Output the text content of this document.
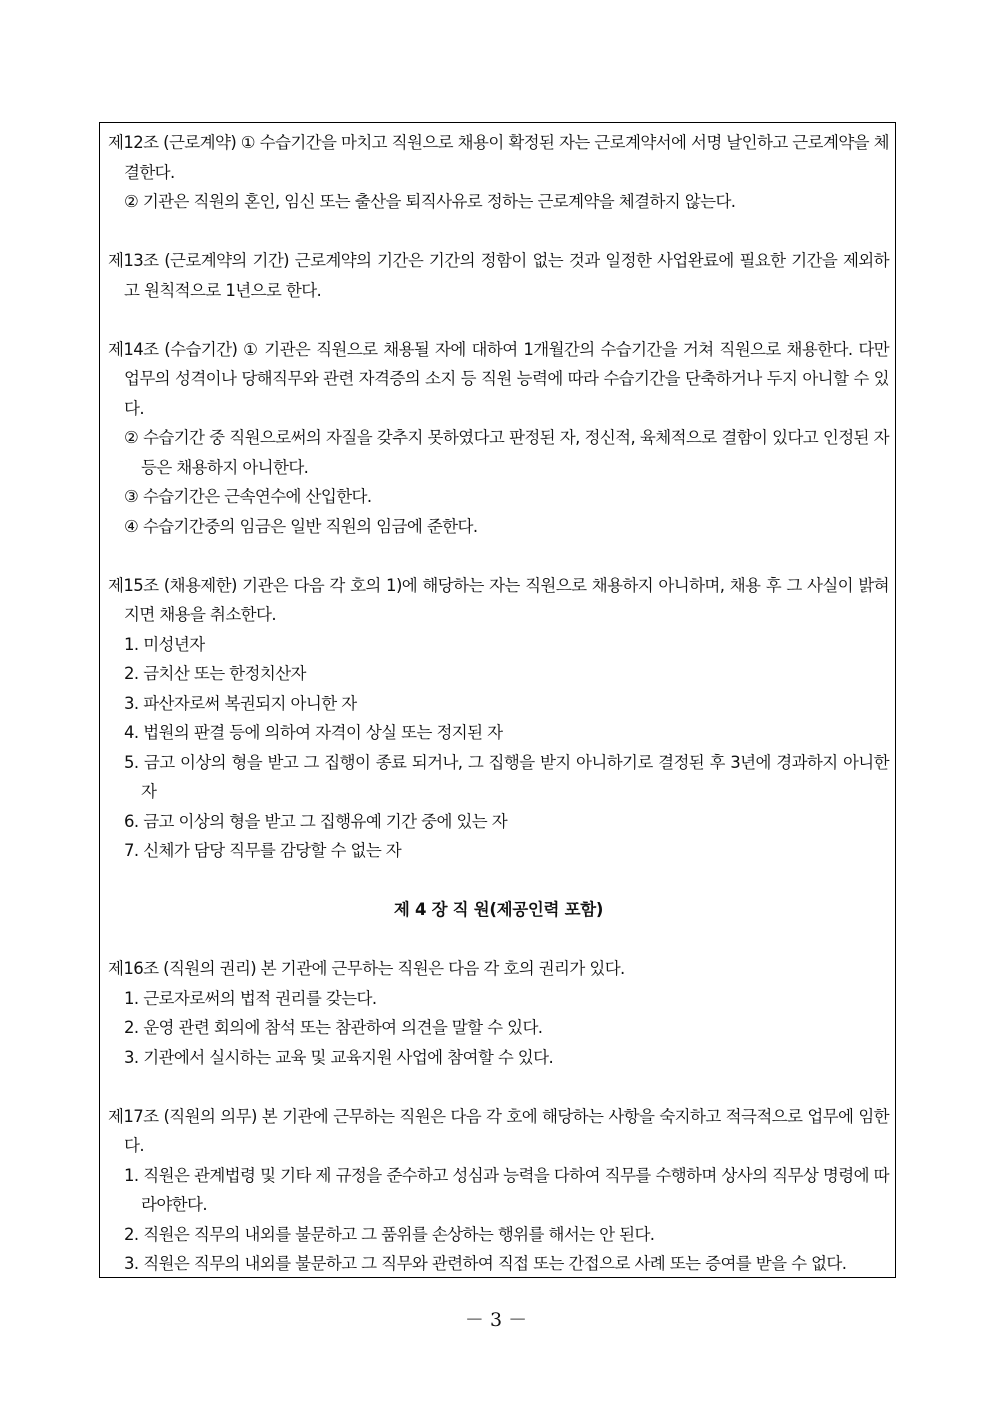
제12조 (근로계약) ① 수습기간을 마치고 직원으로 채용이 확정된 자는 근로계약서에 서명 날인하고 근로계약을 체결한다.
② 기관은 직원의 혼인, 임신 또는 출산을 퇴직사유로 정하는 근로계약을 체결하지 않는다.
제13조 (근로계약의 기간) 근로계약의 기간은 기간의 정함이 없는 것과 일정한 사업완료에 필요한 기간을 제외하고 원칙적으로 1년으로 한다.
제14조 (수습기간) ① 기관은 직원으로 채용될 자에 대하여 1개월간의 수습기간을 거쳐 직원으로 채용한다. 다만 업무의 성격이나 당해직무와 관련 자격증의 소지 등 직원 능력에 따라 수습기간을 단축하거나 두지 아니할 수 있다.
② 수습기간 중 직원으로써의 자질을 갖추지 못하였다고 판정된 자, 정신적, 육체적으로 결함이 있다고 인정된 자 등은 채용하지 아니한다.
③ 수습기간은 근속연수에 산입한다.
④ 수습기간중의 임금은 일반 직원의 임금에 준한다.
제15조 (채용제한) 기관은 다음 각 호의 1)에 해당하는 자는 직원으로 채용하지 아니하며, 채용 후 그 사실이 밝혀지면 채용을 취소한다.
1. 미성년자
2. 금치산 또는 한정치산자
3. 파산자로써 복권되지 아니한 자
4. 법원의 판결 등에 의하여 자격이 상실 또는 정지된 자
5. 금고 이상의 형을 받고 그 집행이 종료 되거나, 그 집행을 받지 아니하기로 결정된 후 3년에 경과하지 아니한 자
6. 금고 이상의 형을 받고 그 집행유예 기간 중에 있는 자
7. 신체가 담당 직무를 감당할 수 없는 자
제 4 장 직 원(제공인력 포함)
제16조 (직원의 권리) 본 기관에 근무하는 직원은 다음 각 호의 권리가 있다.
1. 근로자로써의 법적 권리를 갖는다.
2. 운영 관련 회의에 참석 또는 참관하여 의견을 말할 수 있다.
3. 기관에서 실시하는 교육 및 교육지원 사업에 참여할 수 있다.
제17조 (직원의 의무) 본 기관에 근무하는 직원은 다음 각 호에 해당하는 사항을 숙지하고 적극적으로 업무에 임한다.
1. 직원은 관계법령 및 기타 제 규정을 준수하고 성심과 능력을 다하여 직무를 수행하며 상사의 직무상 명령에 따라야한다.
2. 직원은 직무의 내외를 불문하고 그 품위를 손상하는 행위를 해서는 안 된다.
3. 직원은 직무의 내외를 불문하고 그 직무와 관련하여 직접 또는 간접으로 사례 또는 증여를 받을 수 없다.
－ 3 －
